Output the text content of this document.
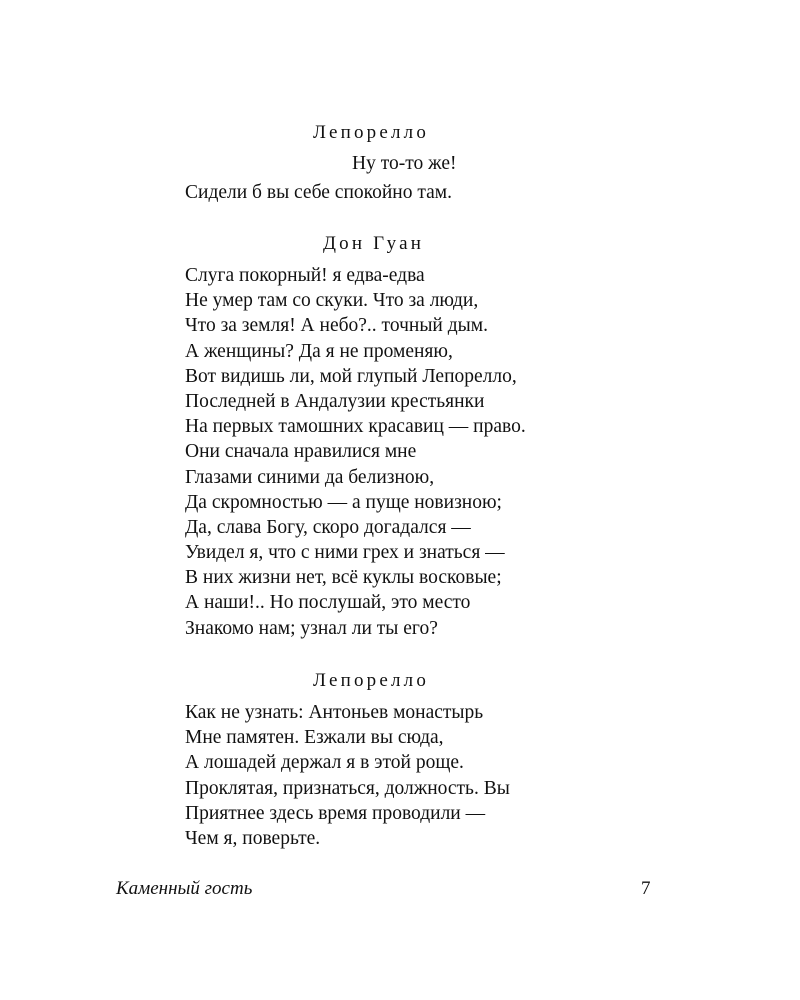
Лепорелло
Ну то-то же!
Сидели б вы себе спокойно там.
Дон Гуан
Слуга покорный! я едва-едва
Не умер там со скуки. Что за люди,
Что за земля! А небо?.. точный дым.
А женщины? Да я не променяю,
Вот видишь ли, мой глупый Лепорелло,
Последней в Андалузии крестьянки
На первых тамошних красавиц — право.
Они сначала нравилися мне
Глазами синими да белизною,
Да скромностью — а пуще новизною;
Да, слава Богу, скоро догадался —
Увидел я, что с ними грех и знаться —
В них жизни нет, всё куклы восковые;
А наши!.. Но послушай, это место
Знакомо нам; узнал ли ты его?
Лепорелло
Как не узнать: Антоньев монастырь
Мне памятен. Езжали вы сюда,
А лошадей держал я в этой роще.
Проклятая, признаться, должность. Вы
Приятнее здесь время проводили —
Чем я, поверьте.
Каменный гость	7
